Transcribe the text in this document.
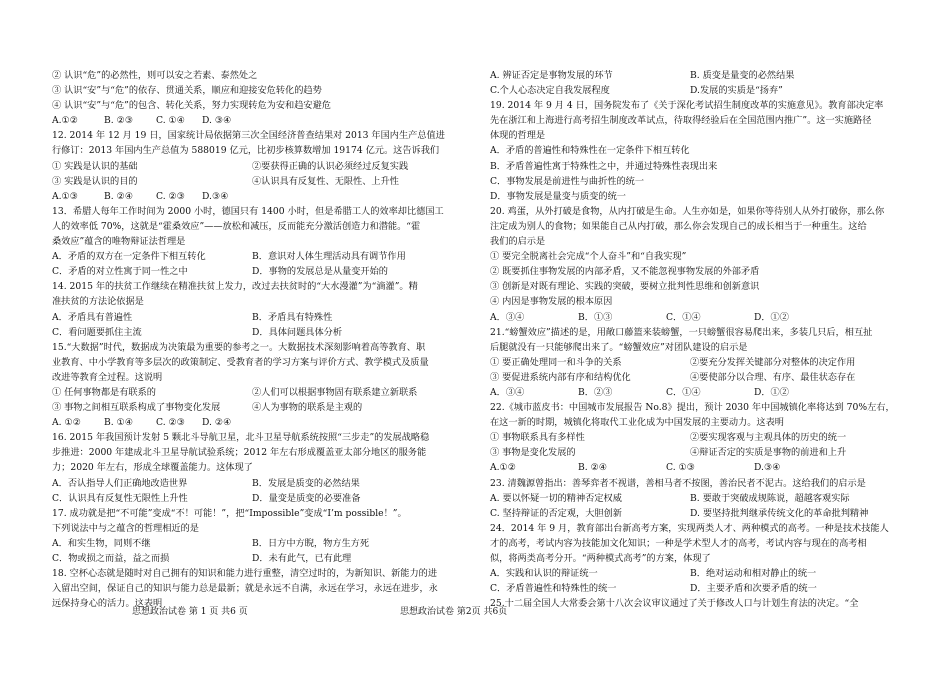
② 认识“危”的必然性，则可以安之若素、泰然处之
③ 认识“安”与“危”的依存、贯通关系，顺应和迎接安危转化的趋势
④ 认识“安”与“危”的包含、转化关系，努力实现转危为安和趋安避危
A.①②	B. ②③	C. ①④	D. ③④
12. 2014 年 12 月 19 日，国家统计局依据第三次全国经济普查结果对 2013 年国内生产总值进
行修订：2013 年国内生产总值为 588019 亿元，比初步核算数增加 19174 亿元。这告诉我们
① 实践是认识的基础	②要获得正确的认识必须经过反复实践
③ 实践是认识的目的	④认识具有反复性、无限性、上升性
A.①③	B. ②④	C. ②③	D.③④
13．希腊人每年工作时间为 2000 小时，德国只有 1400 小时，但是希腊工人的效率却比德国工
人的效率低 70%，这就是“霍桑效应”——放松和减压，反而能充分激活创造力和潜能。“霍
桑效应”蕴含的唯物辩证法哲理是
A．矛盾的双方在一定条件下相互转化	B．意识对人体生理活动具有调节作用
C．矛盾的对立性寓于同一性之中	D．事物的发展总是从量变开始的
14. 2015 年的扶贫工作继续在精准扶贫上发力，改过去扶贫时的“大水漫灌”为“滴灌”。精
准扶贫的方法论依据是
A．矛盾具有普遍性	B．矛盾具有特殊性
C．看问题要抓住主流	D．具体问题具体分析
15.“大数据”时代，数据成为决策最为重要的参考之一。大数据技术深刻影响着高等教育、职
业教育、中小学教育等多层次的政策制定、受教育者的学习方案与评价方式、教学模式及质量
改进等教育全过程。这说明
① 任何事物都是有联系的	②人们可以根据事物固有联系建立新联系
③ 事物之间相互联系构成了事物变化发展	④人为事物的联系是主观的
A. ①②	B. ①④	C. ②③	D. ②④
16. 2015 年我国预计发射 5 颗北斗导航卫星，北斗卫星导航系统按照“三步走”的发展战略稳
步推进：2000 年建成北斗卫星导航试验系统；2012 年左右形成覆盖亚太部分地区的服务能
力；2020 年左右，形成全球覆盖能力。这体现了
A．否认指导人们正确地改造世界	B．发展是质变的必然结果
C．认识具有反复性无限性上升性	D．量变是质变的必要准备
17. 成功就是把“不可能”变成“不！可能！”，把“Impossible”变成“I’m possible！”。
下列说法中与之蕴含的哲理相近的是
A．和实生物，同则不继	B．日方中方睨，物方生方死
C．物或损之而益，益之而损	D．未有此气，已有此理
18. 空杯心态就是随时对自己拥有的知识和能力进行重整，清空过时的，为新知识、新能力的进
入留出空间，保证自己的知识与能力总是最新；就是永远不自满，永远在学习，永远在进步，永
远保持身心的活力。这表明
A. 辨证否定是事物发展的环节	B. 质变是量变的必然结果
C.个人心态决定自我发展程度	D.发展的实质是“扬弃”
19. 2014 年 9 月 4 日，国务院发布了《关于深化考试招生制度改革的实施意见》。教育部决定率
先在浙江和上海进行高考招生制度改革试点，待取得经验后在全国范围内推广”。这一实施路径
体现的哲理是
A．矛盾的普遍性和特殊性在一定条件下相互转化
B．矛盾普遍性寓于特殊性之中，并通过特殊性表现出来
C．事物发展是前进性与曲折性的统一
D．事物发展是量变与质变的统一
20. 鸡蛋，从外打破是食物，从内打破是生命。人生亦如是，如果你等待别人从外打破你，那么你
注定成为别人的食物；如果能自己从内打破，那么你会发现自己的成长相当于一种重生。这给
我们的启示是
① 要完全脱离社会完成“个人奋斗”和“自我实现”
② 既要抓住事物发展的内部矛盾，又不能忽视事物发展的外部矛盾
③ 创新是对既有理论、实践的突破，要树立批判性思维和创新意识
④ 内因是事物发展的根本原因
A．③④	B．①③	C．①④	D．①②
21.“螃蟹效应”描述的是，用敞口藤篮来装螃蟹，一只螃蟹很容易爬出来，多装几只后，相互扯
后腿就没有一只能够爬出来了。“螃蟹效应”对团队建设的启示是
① 要正确处理同一和斗争的关系	②要充分发挥关键部分对整体的决定作用
③ 要促进系统内部有序和结构优化	④要使部分以合理、有序、最佳状态存在
A．③④	B．②③	C．①④	D．①②
22.《城市蓝皮书：中国城市发展报告 No.8》提出，预计 2030 年中国城镇化率将达到 70%左右，
在这一新的时期，城镇化将取代工业化成为中国发展的主要动力。这表明
① 事物联系具有多样性	②要实现客观与主观具体的历史的统一
③ 事物是变化发展的	④辩证否定的实质是事物的前进和上升
A.①②	B. ②④	C. ①③	D.③④
23. 清魏源曾指出：善琴弈者不视谱，善相马者不按图，善治民者不泥古。这给我们的启示是
A. 要以怀疑一切的精神否定权威	B. 要敢于突破成规陈说，超越客观实际
C. 坚持辩证的否定观，大胆创新	D. 要坚持批判继承传统文化的革命批判精神
24．2014 年 9 月，教育部出台新高考方案，实现两类人才、两种模式的高考。一种是技术技能人
才的高考，考试内容为技能加文化知识；一种是学术型人才的高考，考试内容与现在的高考相
似，将两类高考分开。“两种模式高考”的方案，体现了
A．实践和认识的辩证统一	B．绝对运动和相对静止的统一
C．矛盾普遍性和特殊性的统一	D．主要矛盾和次要矛盾的统一
25.十二届全国人大常委会第十八次会议审议通过了关于修改人口与计划生育法的决定。“全
思想政治试卷 第 1 页 共6 页	思想政治试卷 第2页 共6页
